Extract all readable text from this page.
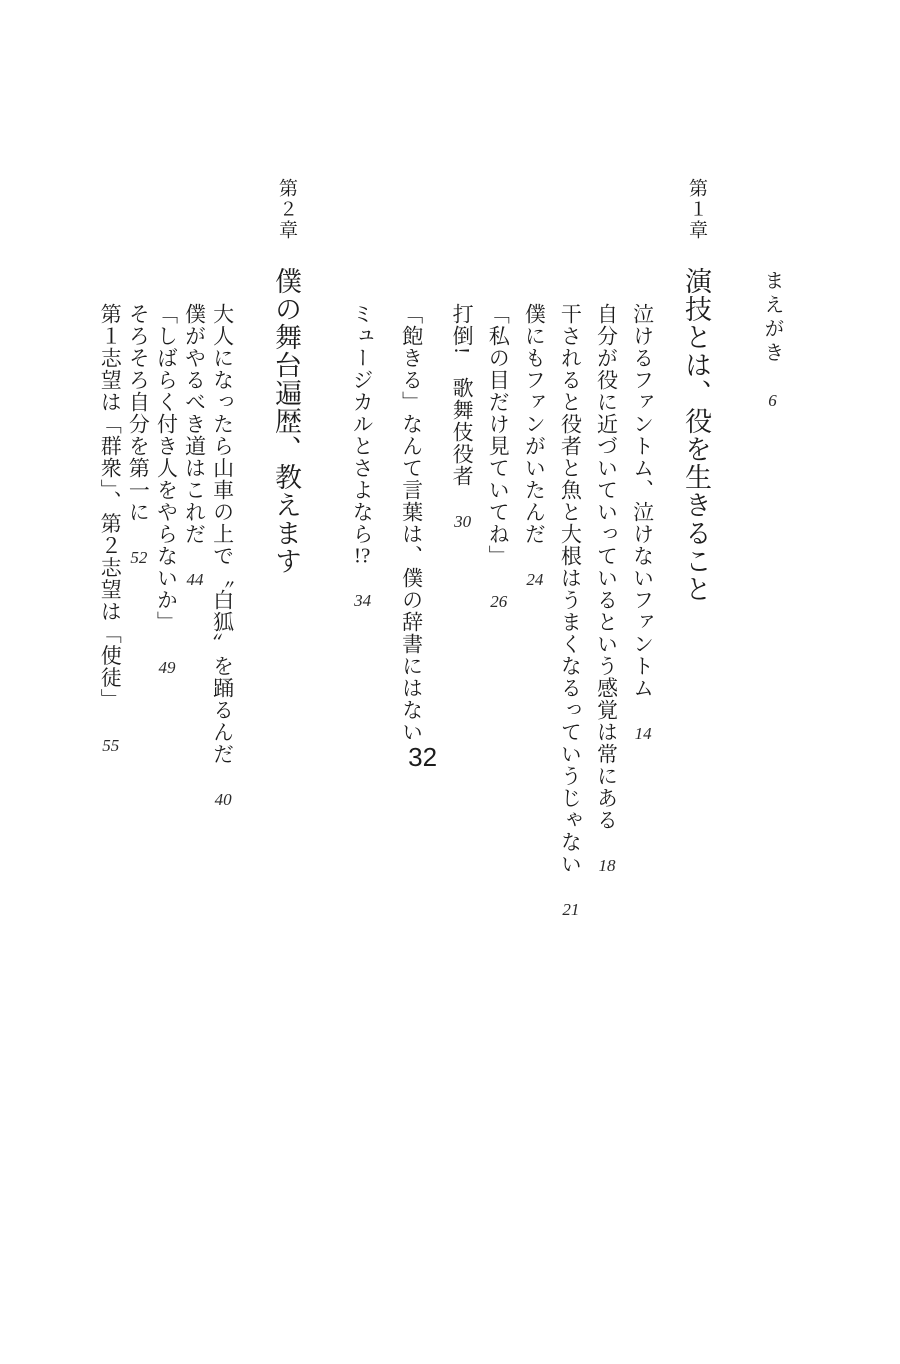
まえがき6
第１章演技とは、役を生きること
泣けるファントム、泣けないファントム14
自分が役に近づいていっているという感覚は常にある18
干されると役者と魚と大根はうまくなるっていうじゃない21
僕にもファンがいたんだ24
「私の目だけ見ていてね」26
打倒!　歌舞伎役者30
「飽きる」なんて言葉は、僕の辞書にはない32
ミュージカルとさよなら!?34
第２章僕の舞台遍歴、教えます
大人になったら山車の上で〝白狐〟を踊るんだ40
僕がやるべき道はこれだ44
「しばらく付き人をやらないか」49
そろそろ自分を第一に52
第１志望は「群衆」、第２志望は「使徒」55
